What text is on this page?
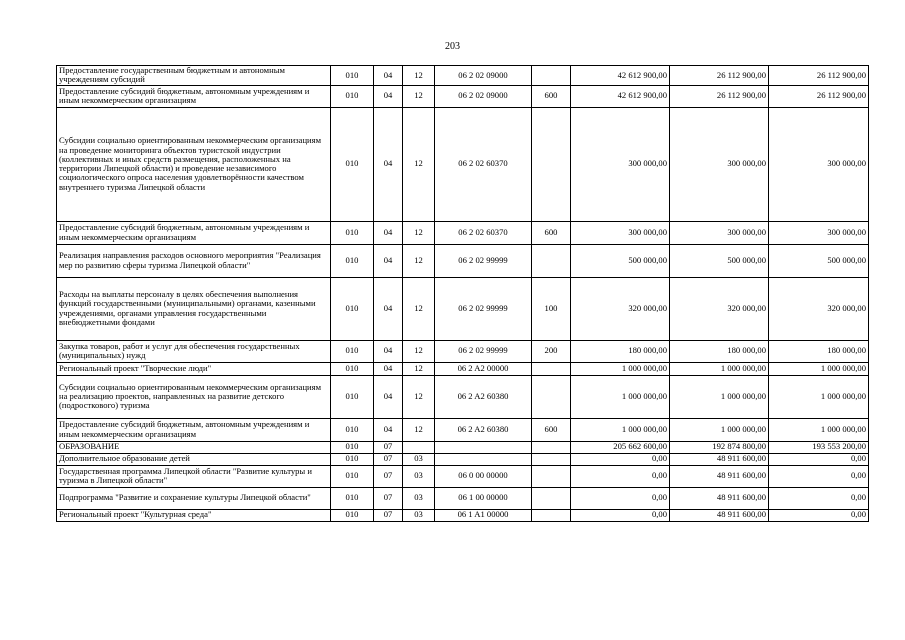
203
Предоставление государственным бюджетным и автономным учреждениям субсидий	010	04	12	06 2 02 09000		42 612 900,00	26 112 900,00	26 112 900,00
Предоставление субсидий бюджетным, автономным учреждениям и иным некоммерческим организациям	010	04	12	06 2 02 09000	600	42 612 900,00	26 112 900,00	26 112 900,00
Субсидии социально ориентированным некоммерческим организациям на проведение мониторинга объектов туристской индустрии (коллективных и иных средств размещения, расположенных на территории Липецкой области) и проведение независимого социологического опроса населения удовлетворённости качеством внутреннего туризма Липецкой области	010	04	12	06 2 02 60370		300 000,00	300 000,00	300 000,00
Предоставление субсидий бюджетным, автономным учреждениям и иным некоммерческим организациям	010	04	12	06 2 02 60370	600	300 000,00	300 000,00	300 000,00
Реализация направления расходов основного мероприятия "Реализация мер по развитию сферы туризма Липецкой области"	010	04	12	06 2 02 99999		500 000,00	500 000,00	500 000,00
Расходы на выплаты персоналу в целях обеспечения выполнения функций государственными (муниципальными) органами, казенными учреждениями, органами управления государственными внебюджетными фондами	010	04	12	06 2 02 99999	100	320 000,00	320 000,00	320 000,00
Закупка товаров, работ и услуг для обеспечения государственных (муниципальных) нужд	010	04	12	06 2 02 99999	200	180 000,00	180 000,00	180 000,00
Региональный проект "Творческие люди"	010	04	12	06 2 A2 00000		1 000 000,00	1 000 000,00	1 000 000,00
Субсидии социально ориентированным некоммерческим организациям на реализацию проектов, направленных на развитие детского (подросткового) туризма	010	04	12	06 2 A2 60380		1 000 000,00	1 000 000,00	1 000 000,00
Предоставление субсидий бюджетным, автономным учреждениям и иным некоммерческим организациям	010	04	12	06 2 A2 60380	600	1 000 000,00	1 000 000,00	1 000 000,00
ОБРАЗОВАНИЕ	010	07				205 662 600,00	192 874 800,00	193 553 200,00
Дополнительное образование детей	010	07	03			0,00	48 911 600,00	0,00
Государственная программа Липецкой области "Развитие культуры и туризма в Липецкой области"	010	07	03	06 0 00 00000		0,00	48 911 600,00	0,00
Подпрограмма "Развитие и сохранение культуры Липецкой области"	010	07	03	06 1 00 00000		0,00	48 911 600,00	0,00
Региональный проект "Культурная среда"	010	07	03	06 1 A1 00000		0,00	48 911 600,00	0,00
